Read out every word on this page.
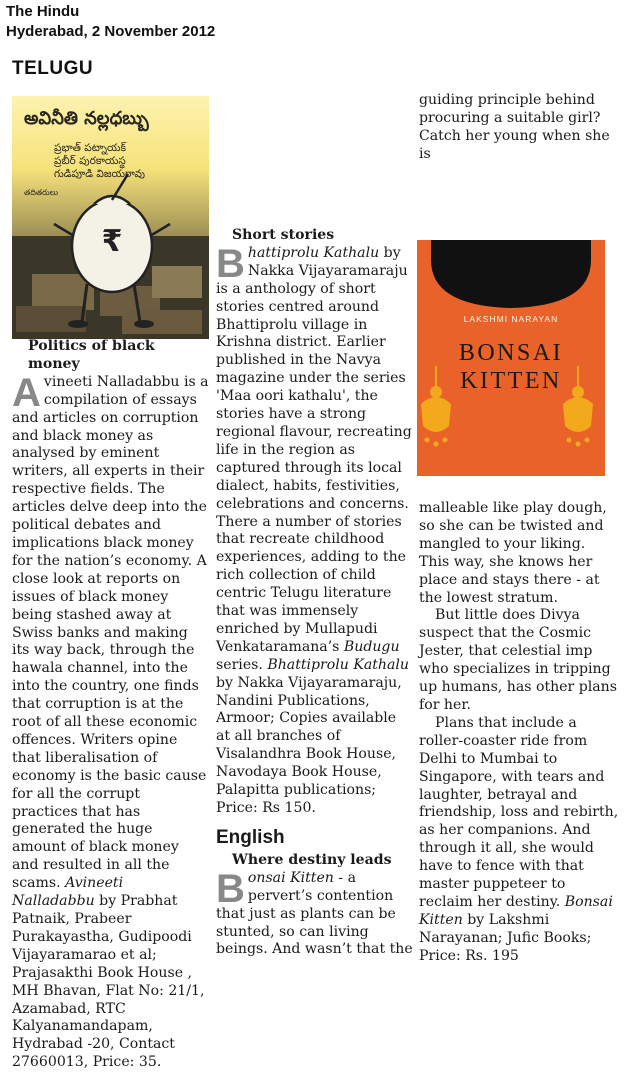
The Hindu
Hyderabad, 2 November 2012
TELUGU
అవినీతి నల్లధబ్బు
ప్రభాత్ పట్నాయక్
ప్రబీర్ పురకాయస్థ
గుడిపూడి విజయరావు
తదితరులు
₹
LAKSHMI NARAYAN
BONSAI
KITTEN

Politics of black money

Avineeti Nalladabbu is a compilation of essays and articles on corruption and black money as analysed by eminent writers, all experts in their respective fields. The articles delve deep into the political debates and implications black money for the nation’s economy. A close look at reports on issues of black money being stashed away at Swiss banks and making its way back, through the hawala channel, into the into the country, one finds that corruption is at the root of all these economic offences. Writers opine that liberalisation of economy is the basic cause for all the corrupt practices that has generated the huge amount of black money and resulted in all the scams. Avineeti Nalladabbu by Prabhat Patnaik, Prabeer Purakayastha, Gudipoodi Vijayaramarao et al; Prajasakthi Book House , MH Bhavan, Flat No: 21/1, Azamabad, RTC Kalyanamandapam, Hydrabad -20, Contact 27660013, Price: 35.

Short stories

Bhattiprolu Kathalu by Nakka Vijayaramaraju is a anthology of short stories centred around Bhattiprolu village in Krishna district. Earlier published in the Navya magazine under the series 'Maa oori kathalu', the stories have a strong regional flavour, recreating life in the region as captured through its local dialect, habits, festivities, celebrations and concerns. There a number of stories that recreate childhood experiences, adding to the rich collection of child centric Telugu literature that was immensely enriched by Mullapudi Venkataramana’s Budugu series. Bhattiprolu Kathalu by Nakka Vijayaramaraju, Nandini Publications, Armoor; Copies available at all branches of Visalandhra Book House, Navodaya Book House, Palapitta publications; Price: Rs 150.

English

Where destiny leads

Bonsai Kitten - a pervert’s contention that just as plants can be stunted, so can living beings. And wasn’t that the

guiding principle behind procuring a suitable girl? Catch her young when she is

malleable like play dough, so she can be twisted and mangled to your liking. This way, she knows her place and stays there - at the lowest stratum.

But little does Divya suspect that the Cosmic Jester, that celestial imp who specializes in tripping up humans, has other plans for her.

Plans that include a roller-coaster ride from Delhi to Mumbai to Singapore, with tears and laughter, betrayal and friendship, loss and rebirth, as her companions. And through it all, she would have to fence with that master puppeteer to reclaim her destiny. Bonsai Kitten by Lakshmi Narayanan; Jufic Books; Price: Rs. 195
